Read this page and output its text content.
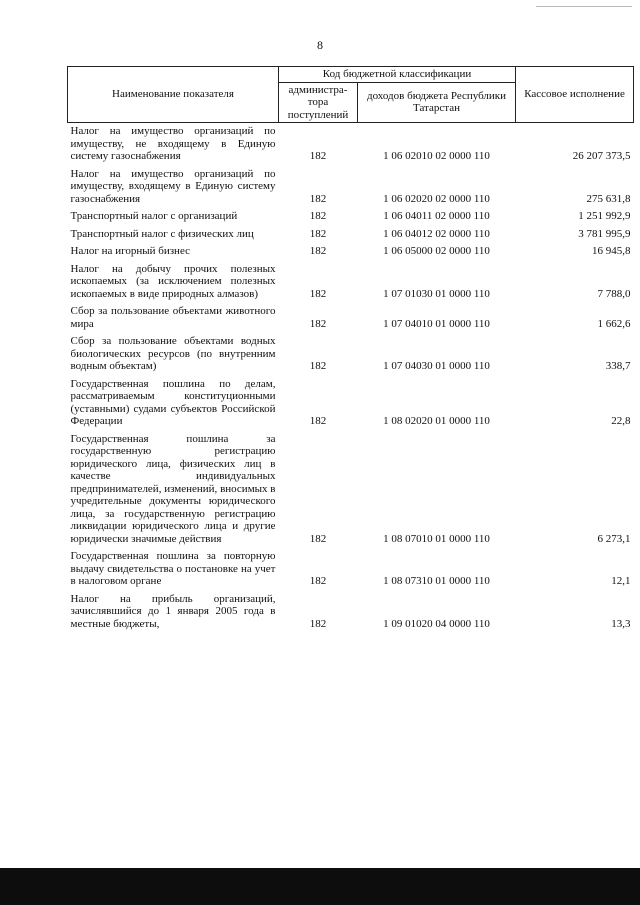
8
Наименование показателя	Код бюджетной классификации		Кассовое исполнение
	администра-тора поступлений	доходов бюджета Республики Татарстан	
Налог на имущество организаций по имуществу, не входящему в Единую систему газоснабжения	182	1 06 02010 02 0000 110	26 207 373,5
Налог на имущество организаций по имуществу, входящему в Единую систему газоснабжения	182	1 06 02020 02 0000 110	275 631,8
Транспортный налог с организаций	182	1 06 04011 02 0000 110	1 251 992,9
Транспортный налог с физических лиц	182	1 06 04012 02 0000 110	3 781 995,9
Налог на игорный бизнес	182	1 06 05000 02 0000 110	16 945,8
Налог на добычу прочих полезных ископаемых (за исключением полезных ископаемых в виде природных алмазов)	182	1 07 01030 01 0000 110	7 788,0
Сбор за пользование объектами животного мира	182	1 07 04010 01 0000 110	1 662,6
Сбор за пользование объектами водных биологических ресурсов (по внутренним водным объектам)	182	1 07 04030 01 0000 110	338,7
Государственная пошлина по делам, рассматриваемым конституционными (уставными) судами субъектов Российской Федерации	182	1 08 02020 01 0000 110	22,8
Государственная пошлина за государственную регистрацию юридического лица, физических лиц в качестве индивидуальных предпринимателей, изменений, вносимых в учредительные документы юридического лица, за государственную регистрацию ликвидации юридического лица и другие юридически значимые действия	182	1 08 07010 01 0000 110	6 273,1
Государственная пошлина за повторную выдачу свидетельства о постановке на учет в налоговом органе	182	1 08 07310 01 0000 110	12,1
Налог на прибыль организаций, зачислявшийся до 1 января 2005 года в местные бюджеты,	182	1 09 01020 04 0000 110	13,3
